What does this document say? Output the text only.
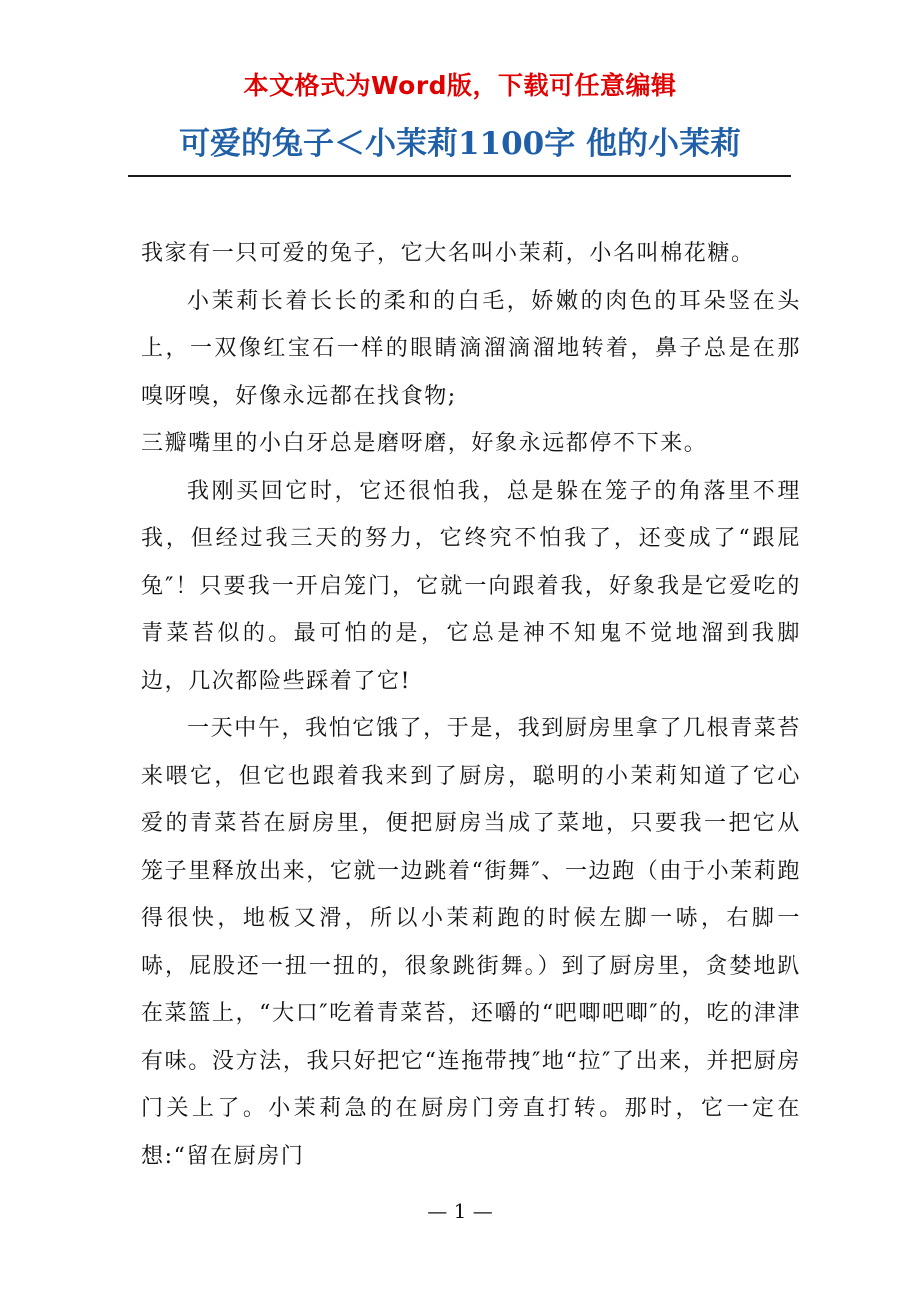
本文格式为Word版，下载可任意编辑
可爱的兔子＜小茉莉1100字 他的小茉莉

我家有一只可爱的兔子，它大名叫小茉莉，小名叫棉花糖。

小茉莉长着长长的柔和的白毛，娇嫩的肉色的耳朵竖在头上，一双像红宝石一样的眼睛滴溜滴溜地转着，鼻子总是在那嗅呀嗅，好像永远都在找食物;

三瓣嘴里的小白牙总是磨呀磨，好象永远都停不下来。

我刚买回它时，它还很怕我，总是躲在笼子的角落里不理我，但经过我三天的努力，它终究不怕我了，还变成了“跟屁兔″！只要我一开启笼门，它就一向跟着我，好象我是它爱吃的青菜苔似的。最可怕的是，它总是神不知鬼不觉地溜到我脚边，几次都险些踩着了它!

一天中午，我怕它饿了，于是，我到厨房里拿了几根青菜苔来喂它，但它也跟着我来到了厨房，聪明的小茉莉知道了它心爱的青菜苔在厨房里，便把厨房当成了菜地，只要我一把它从笼子里释放出来，它就一边跳着“街舞″、一边跑（由于小茉莉跑得很快，地板又滑，所以小茉莉跑的时候左脚一哧，右脚一哧，屁股还一扭一扭的，很象跳街舞。）到了厨房里，贪婪地趴在菜篮上，“大口″吃着青菜苔，还嚼的“吧唧吧唧″的，吃的津津有味。没方法，我只好把它“连拖带拽″地“拉″了出来，并把厨房门关上了。小茉莉急的在厨房门旁直打转。那时，它一定在想:“留在厨房门

— 1 —
